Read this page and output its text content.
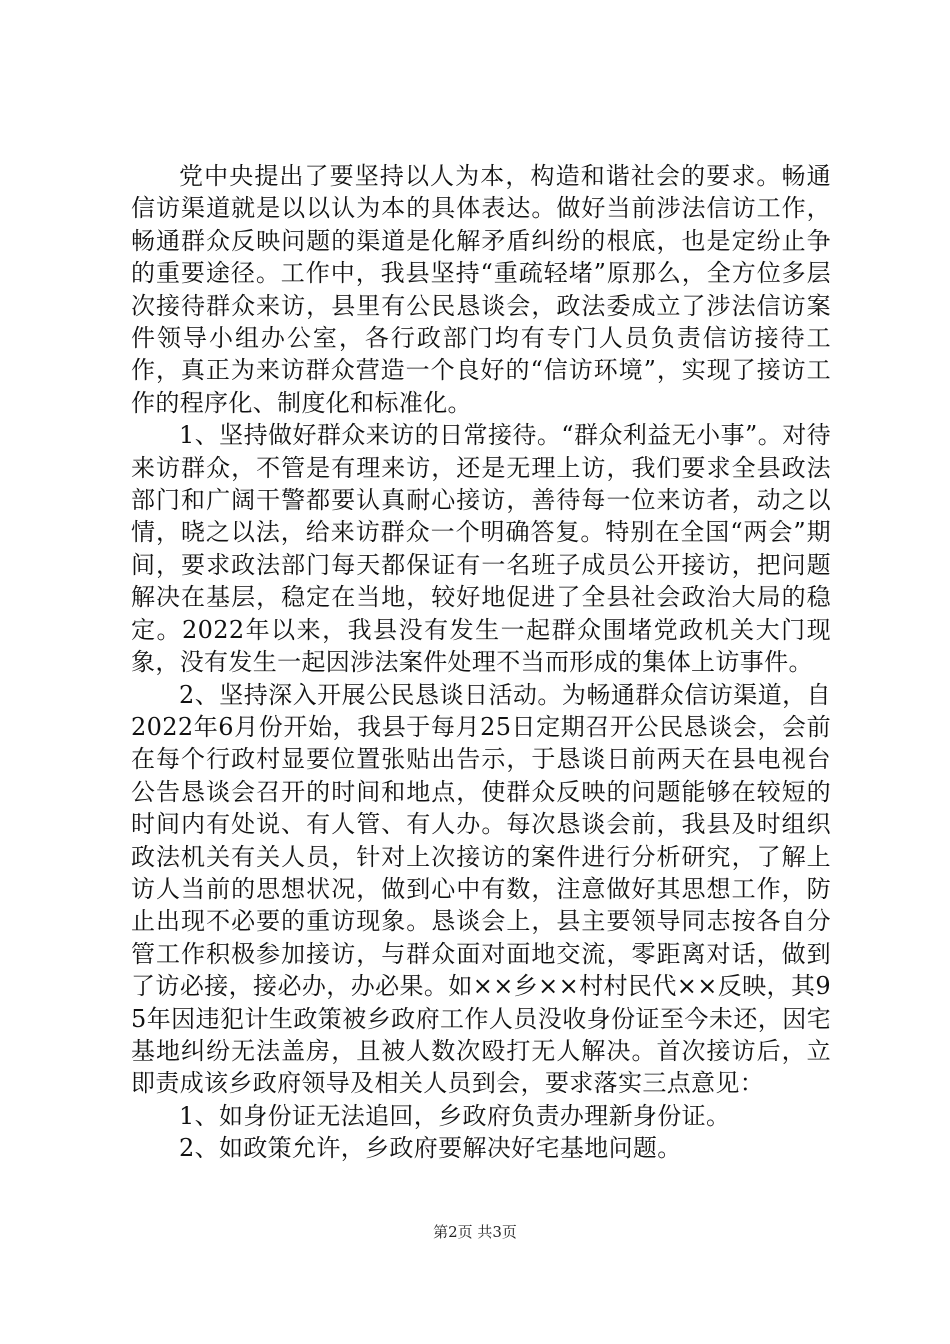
党中央提出了要坚持以人为本，构造和谐社会的要求。畅通信访渠道就是以以认为本的具体表达。做好当前涉法信访工作，畅通群众反映问题的渠道是化解矛盾纠纷的根底，也是定纷止争的重要途径。工作中，我县坚持“重疏轻堵”原那么，全方位多层次接待群众来访，县里有公民恳谈会，政法委成立了涉法信访案件领导小组办公室，各行政部门均有专门人员负责信访接待工作，真正为来访群众营造一个良好的“信访环境”，实现了接访工作的程序化、制度化和标准化。

1、坚持做好群众来访的日常接待。“群众利益无小事”。对待来访群众，不管是有理来访，还是无理上访，我们要求全县政法部门和广阔干警都要认真耐心接访，善待每一位来访者，动之以情，晓之以法，给来访群众一个明确答复。特别在全国“两会”期间，要求政法部门每天都保证有一名班子成员公开接访，把问题解决在基层，稳定在当地，较好地促进了全县社会政治大局的稳定。2022年以来，我县没有发生一起群众围堵党政机关大门现象，没有发生一起因涉法案件处理不当而形成的集体上访事件。

2、坚持深入开展公民恳谈日活动。为畅通群众信访渠道，自2022年6月份开始，我县于每月25日定期召开公民恳谈会，会前在每个行政村显要位置张贴出告示，于恳谈日前两天在县电视台公告恳谈会召开的时间和地点，使群众反映的问题能够在较短的时间内有处说、有人管、有人办。每次恳谈会前，我县及时组织政法机关有关人员，针对上次接访的案件进行分析研究，了解上访人当前的思想状况，做到心中有数，注意做好其思想工作，防止出现不必要的重访现象。恳谈会上，县主要领导同志按各自分管工作积极参加接访，与群众面对面地交流，零距离对话，做到了访必接，接必办，办必果。如××乡××村村民代××反映，其95年因违犯计生政策被乡政府工作人员没收身份证至今未还，因宅基地纠纷无法盖房，且被人数次殴打无人解决。首次接访后，立即责成该乡政府领导及相关人员到会，要求落实三点意见：

1、如身份证无法追回，乡政府负责办理新身份证。

2、如政策允许，乡政府要解决好宅基地问题。

第2页 共3页
